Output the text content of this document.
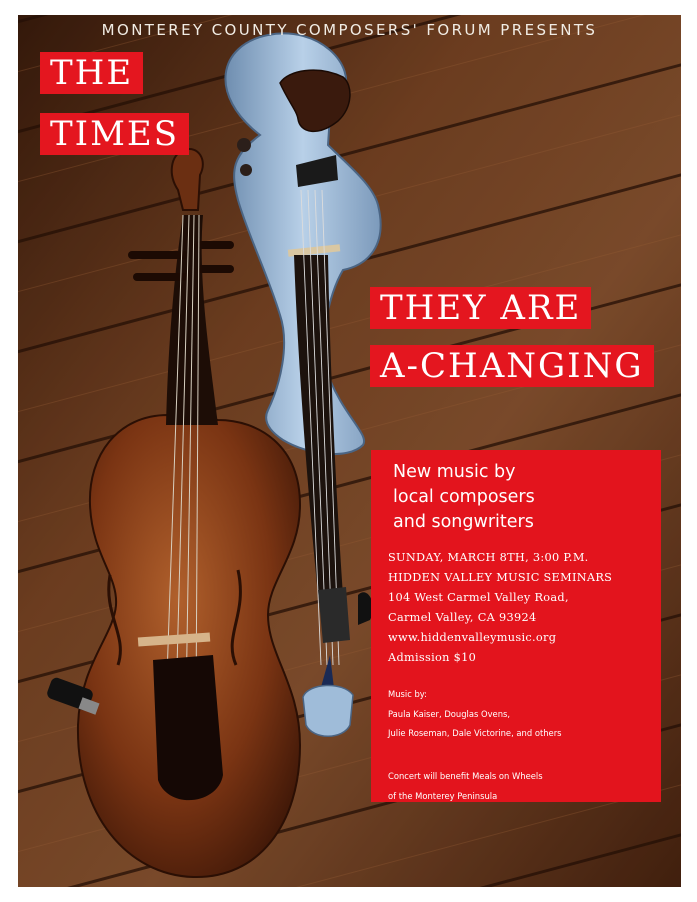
MONTEREY COUNTY COMPOSERS' FORUM PRESENTS
THE
TIMES
THEY ARE
A-CHANGING
New music by
local composers
and songwriters
SUNDAY, MARCH 8TH, 3:00 P.M.
HIDDEN VALLEY MUSIC SEMINARS
104 West Carmel Valley Road,
Carmel Valley, CA 93924
www.hiddenvalleymusic.org
Admission $10
Music by:
Paula Kaiser, Douglas Ovens,
Julie Roseman, Dale Victorine, and others
Concert will benefit Meals on Wheels
of the Monterey Peninsula
